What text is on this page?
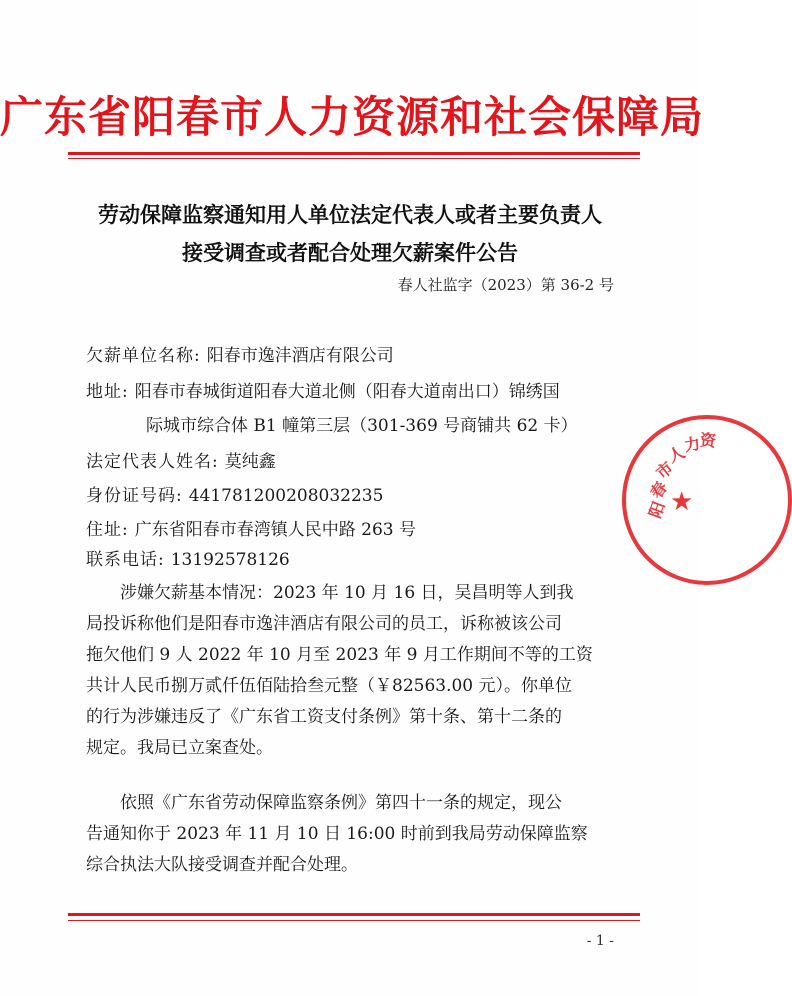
广东省阳春市人力资源和社会保障局
劳动保障监察通知用人单位法定代表人或者主要负责人
接受调查或者配合处理欠薪案件公告
春人社监字（2023）第 36-2 号
欠薪单位名称: 阳春市逸沣酒店有限公司
地址: 阳春市春城街道阳春大道北侧（阳春大道南出口）锦绣国
际城市综合体 B1 幢第三层（301-369 号商铺共 62 卡）
法定代表人姓名: 莫纯鑫
身份证号码: 441781200208032235
住址: 广东省阳春市春湾镇人民中路 263 号
联系电话: 13192578126
涉嫌欠薪基本情况：2023 年 10 月 16 日，吴昌明等人到我
局投诉称他们是阳春市逸沣酒店有限公司的员工，诉称被该公司
拖欠他们 9 人 2022 年 10 月至 2023 年 9 月工作期间不等的工资
共计人民币捌万贰仟伍佰陆拾叁元整（￥82563.00 元）。你单位
的行为涉嫌违反了《广东省工资支付条例》第十条、第十二条的
规定。我局已立案查处。
依照《广东省劳动保障监察条例》第四十一条的规定，现公
告通知你于 2023 年 11 月 10 日 16:00 时前到我局劳动保障监察
综合执法大队接受调查并配合处理。
- 1 -
阳
春
市
人
力
资
★
